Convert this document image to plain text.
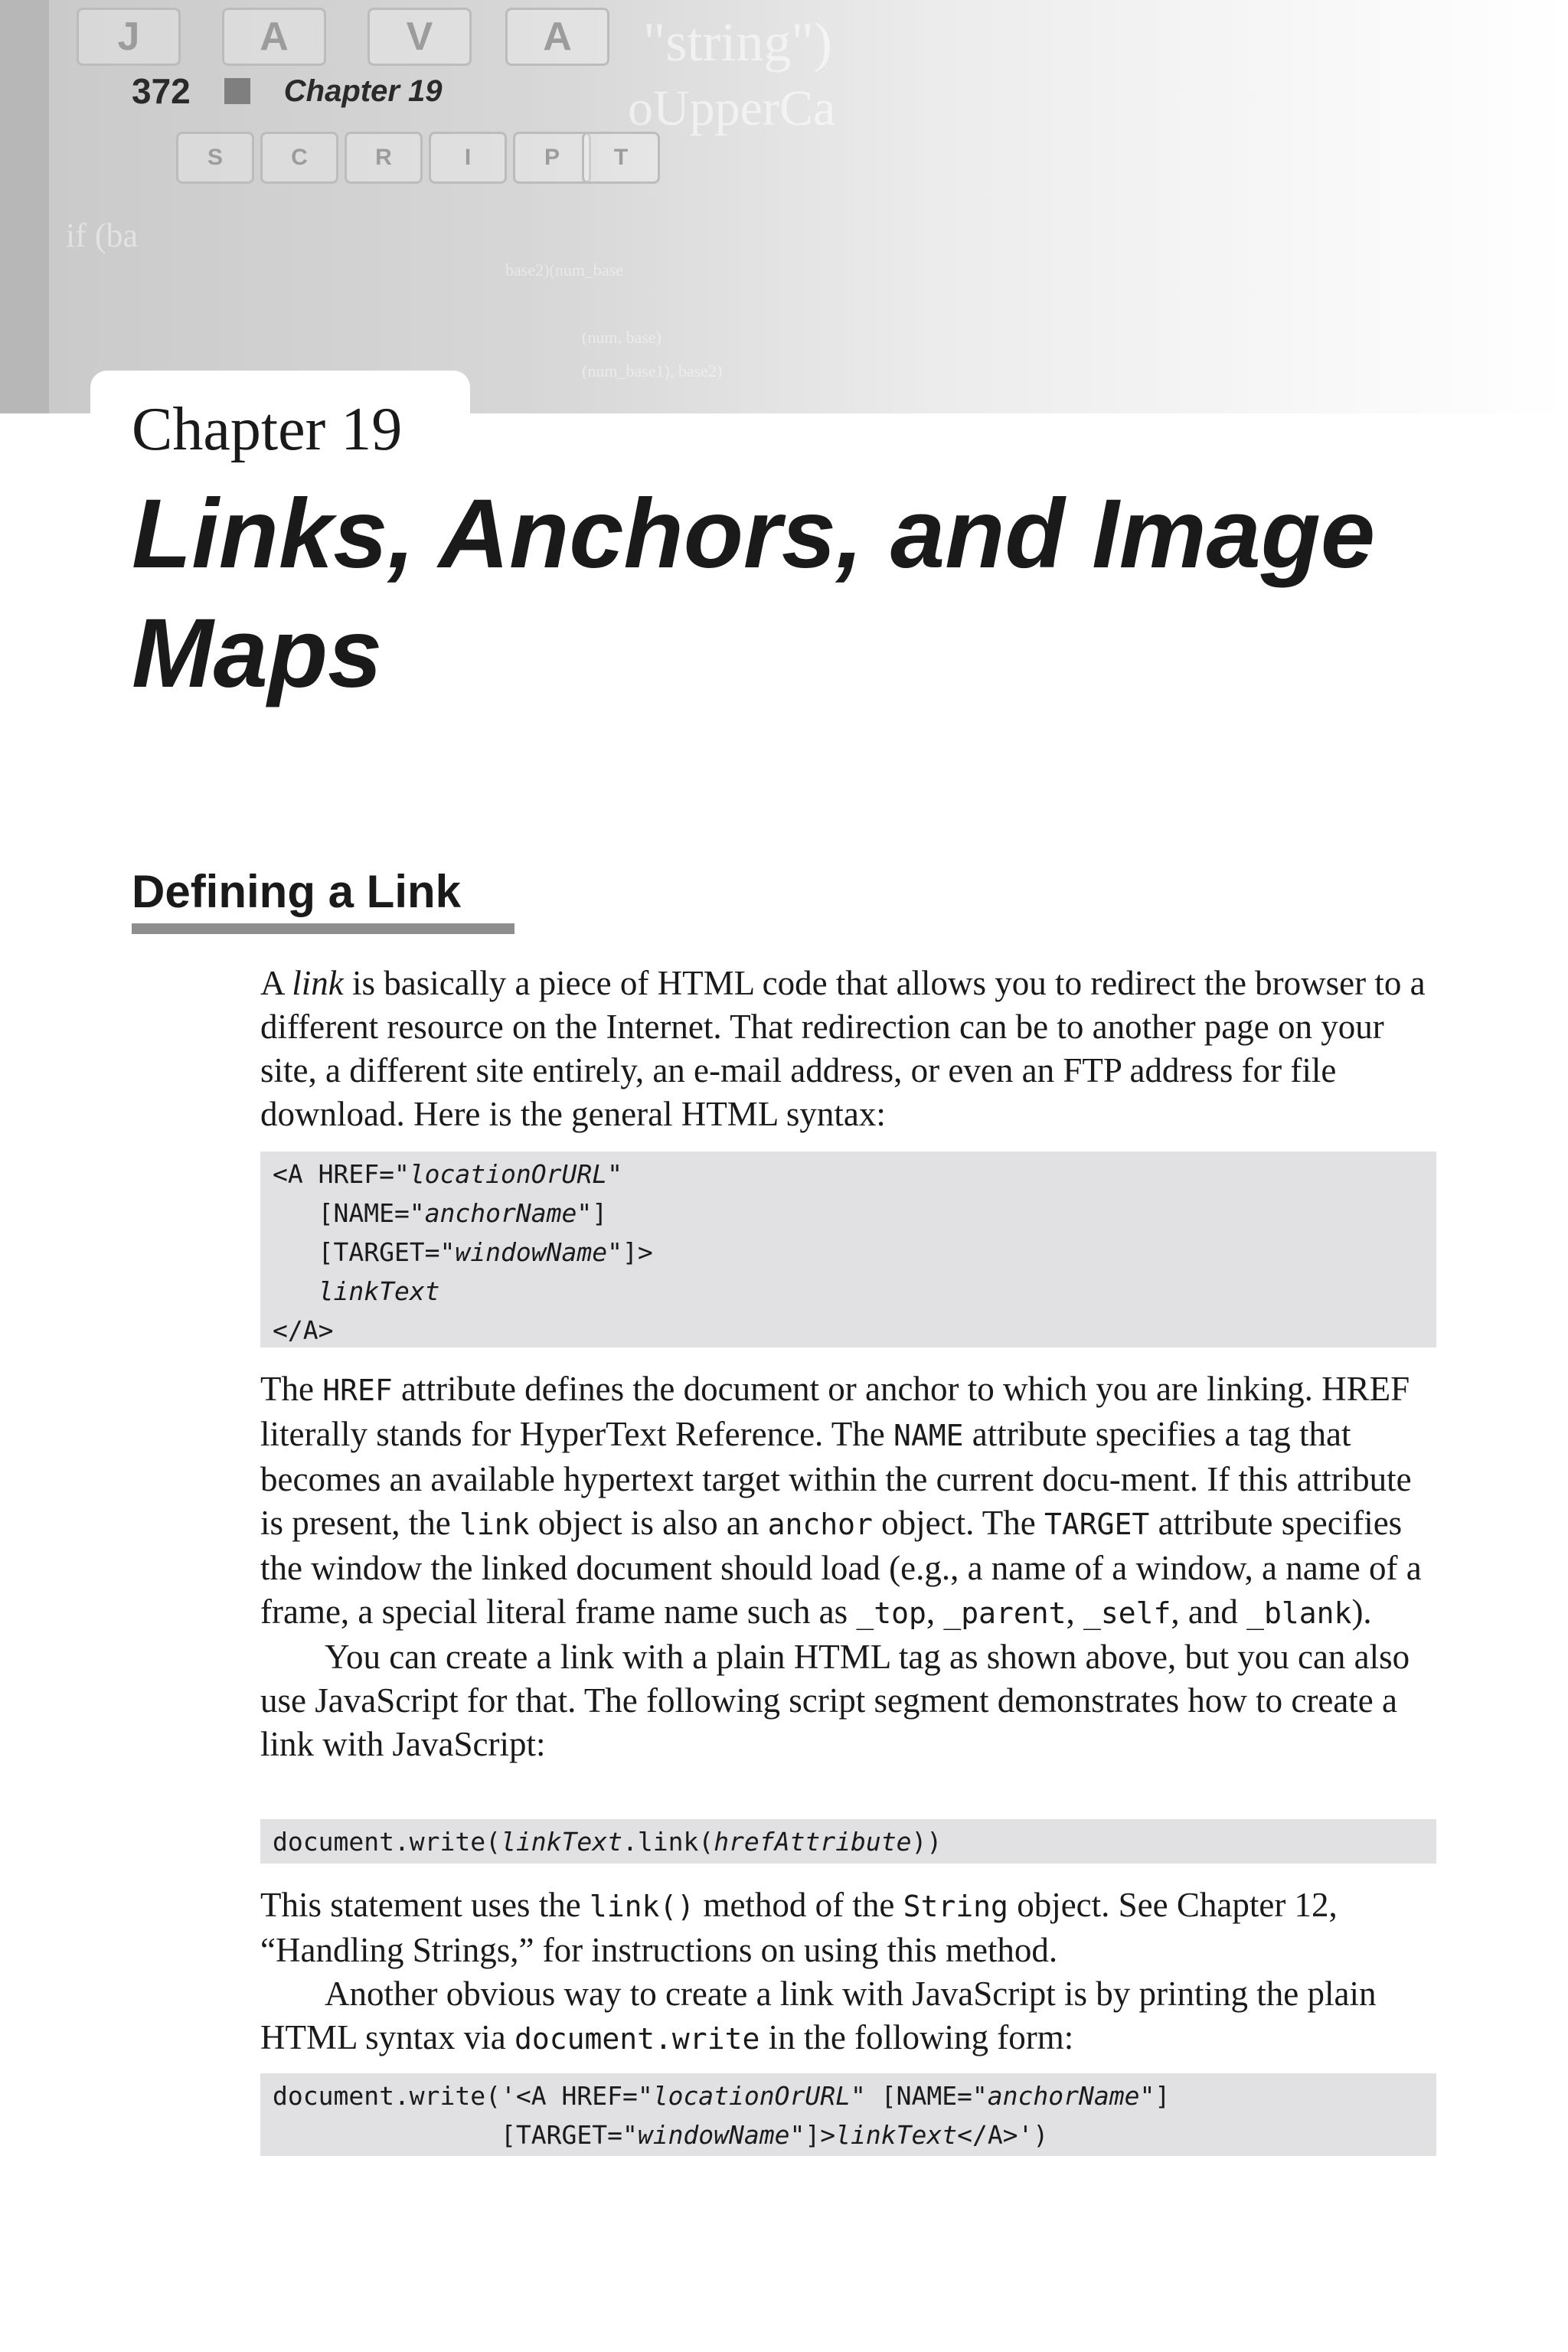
J	A	V	A
S	C	R	I	P	T
"string")
oUpperCa
if (ba
base2)(num_base
(num, base)
(num_base1), base2)
372	Chapter 19
Chapter 19
Links, Anchors, and Image Maps
Defining a Link

A link is basically a piece of HTML code that allows you to redirect the browser to a different resource on the Internet. That redirection can be to another page on your site, a different site entirely, an e-mail address, or even an FTP address for file download. Here is the general HTML syntax:

<A HREF="locationOrURL"
[NAME="anchorName"]
[TARGET="windowName"]>
linkText
</A>

The HREF attribute defines the document or anchor to which you are linking. HREF literally stands for HyperText Reference. The NAME attribute specifies a tag that becomes an available hypertext target within the current docu-ment. If this attribute is present, the link object is also an anchor object. The TARGET attribute specifies the window the linked document should load (e.g., a name of a window, a name of a frame, a special literal frame name such as _top, _parent, _self, and _blank).

You can create a link with a plain HTML tag as shown above, but you can also use JavaScript for that. The following script segment demonstrates how to create a link with JavaScript:

document.write(linkText.link(hrefAttribute))

This statement uses the link() method of the String object. See Chapter 12, “Handling Strings,” for instructions on using this method.

Another obvious way to create a link with JavaScript is by printing the plain HTML syntax via document.write in the following form:

document.write('<A HREF="locationOrURL" [NAME="anchorName"]
[TARGET="windowName"]>linkText</A>')
